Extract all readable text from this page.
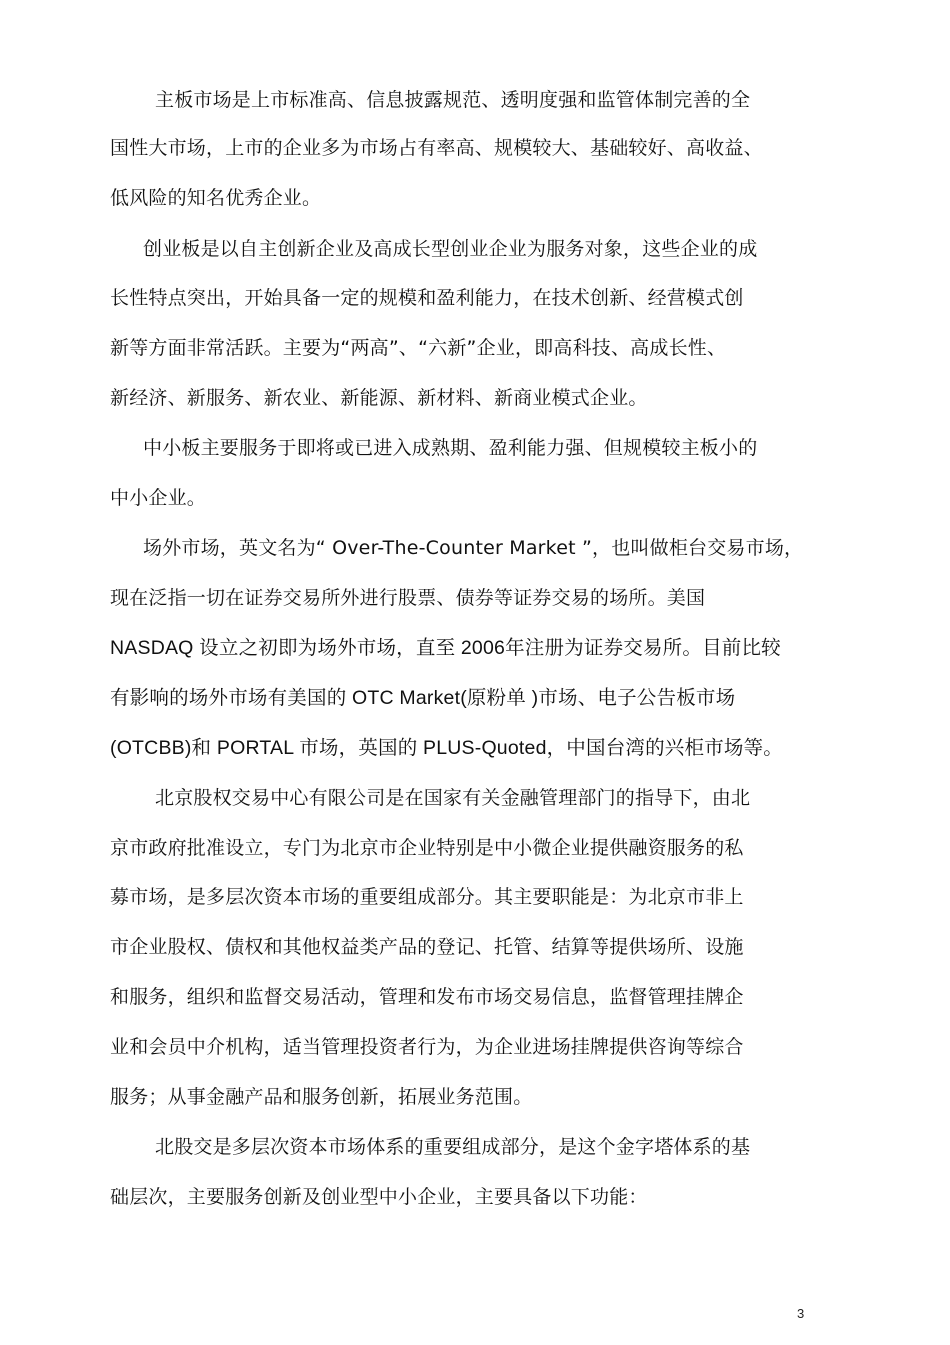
主板市场是上市标准高、信息披露规范、透明度强和监管体制完善的全
国性大市场，上市的企业多为市场占有率高、规模较大、基础较好、高收益、
低风险的知名优秀企业。
创业板是以自主创新企业及高成长型创业企业为服务对象，这些企业的成
长性特点突出，开始具备一定的规模和盈利能力，在技术创新、经营模式创
新等方面非常活跃。主要为“两高”、“六新”企业，即高科技、高成长性、
新经济、新服务、新农业、新能源、新材料、新商业模式企业。
中小板主要服务于即将或已进入成熟期、盈利能力强、但规模较主板小的
中小企业。
场外市场，英文名为“ Over-The-Counter Market ”，也叫做柜台交易市场，
现在泛指一切在证券交易所外进行股票、债券等证券交易的场所。美国
NASDAQ 设立之初即为场外市场，直至 2006年注册为证券交易所。目前比较
有影响的场外市场有美国的 OTC Market(原粉单 )市场、电子公告板市场
(OTCBB)和 PORTAL 市场，英国的 PLUS-Quoted，中国台湾的兴柜市场等。
北京股权交易中心有限公司是在国家有关金融管理部门的指导下，由北
京市政府批准设立，专门为北京市企业特别是中小微企业提供融资服务的私
募市场，是多层次资本市场的重要组成部分。其主要职能是：为北京市非上
市企业股权、债权和其他权益类产品的登记、托管、结算等提供场所、设施
和服务，组织和监督交易活动，管理和发布市场交易信息，监督管理挂牌企
业和会员中介机构，适当管理投资者行为，为企业进场挂牌提供咨询等综合
服务；从事金融产品和服务创新，拓展业务范围。
北股交是多层次资本市场体系的重要组成部分，是这个金字塔体系的基
础层次，主要服务创新及创业型中小企业，主要具备以下功能：
3
